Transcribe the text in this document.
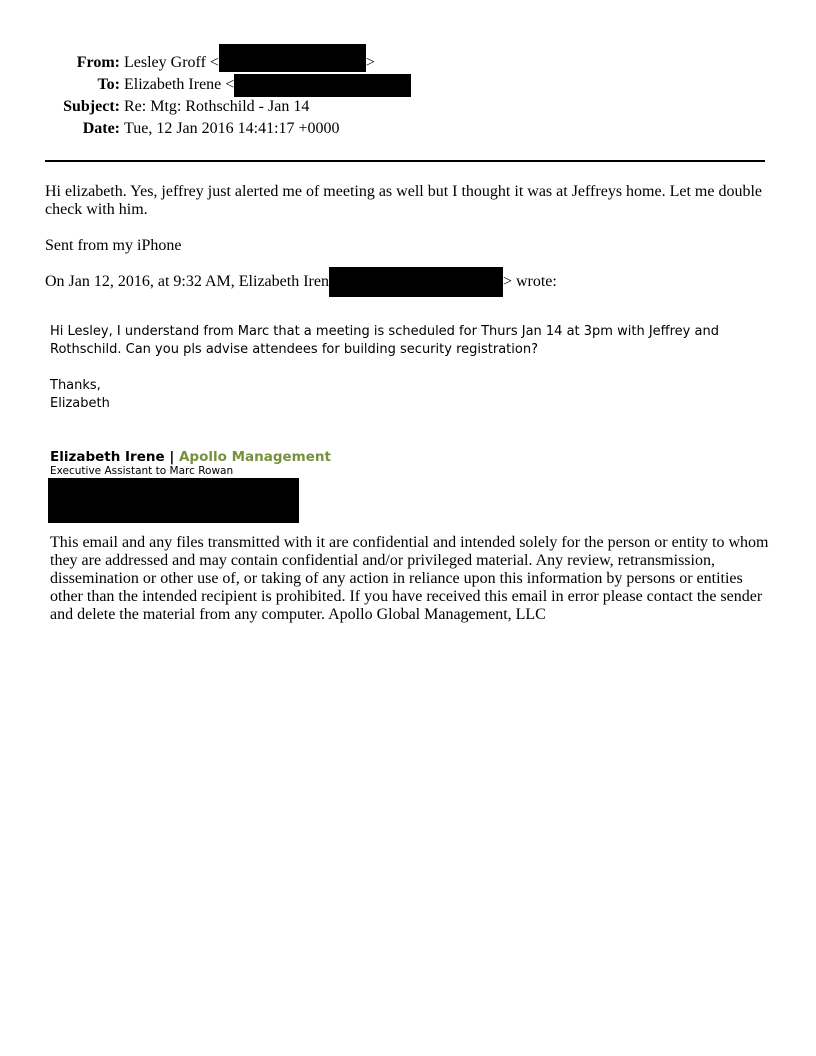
From: Lesley Groff <	>
To: Elizabeth Irene <
Subject: Re: Mtg: Rothschild - Jan 14
Date: Tue, 12 Jan 2016 14:41:17 +0000
Hi elizabeth. Yes, jeffrey just alerted me of meeting as well but I thought it was at Jeffreys home. Let me double check with him.
Sent from my iPhone
On Jan 12, 2016, at 9:32 AM, Elizabeth Iren	> wrote:
Hi Lesley, I understand from Marc that a meeting is scheduled for Thurs Jan 14 at 3pm with Jeffrey and Rothschild. Can you pls advise attendees for building security registration?
Thanks,
Elizabeth
Elizabeth Irene | Apollo Management
Executive Assistant to Marc Rowan
This email and any files transmitted with it are confidential and intended solely for the person or entity to whom they are addressed and may contain confidential and/or privileged material. Any review, retransmission, dissemination or other use of, or taking of any action in reliance upon this information by persons or entities other than the intended recipient is prohibited. If you have received this email in error please contact the sender and delete the material from any computer. Apollo Global Management, LLC
